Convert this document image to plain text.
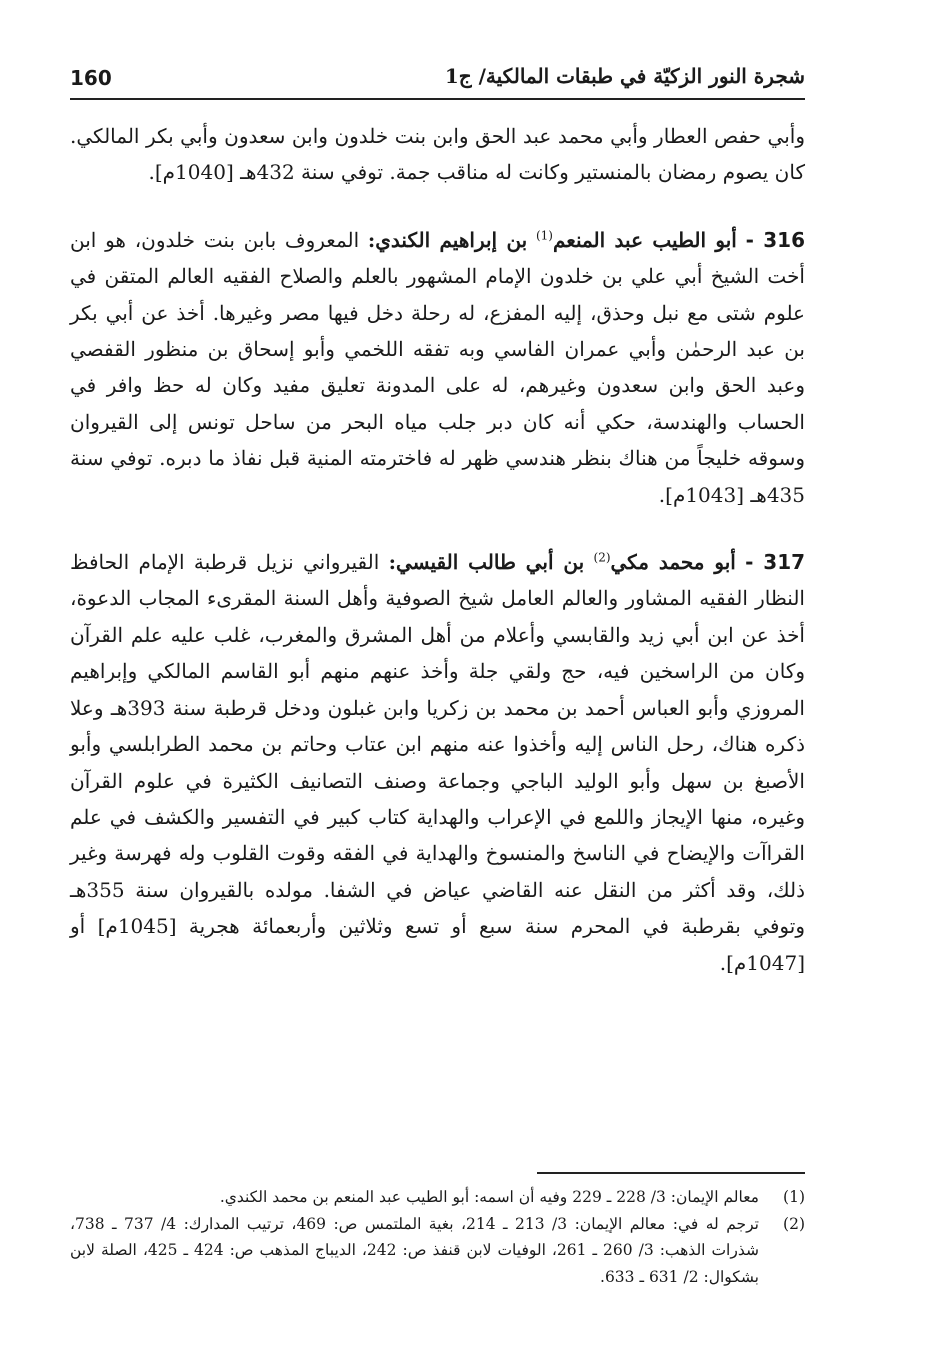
شجرة النور الزكيّة في طبقات المالكية/ ج1
160

وأبي حفص العطار وأبي محمد عبد الحق وابن بنت خلدون وابن سعدون وأبي بكر المالكي. كان يصوم رمضان بالمنستير وكانت له مناقب جمة. توفي سنة 432هـ [1040م].

316 - أبو الطيب عبد المنعم$^{(1)}$ بن إبراهيم الكندي: المعروف بابن بنت خلدون، هو ابن أخت الشيخ أبي علي بن خلدون الإمام المشهور بالعلم والصلاح الفقيه العالم المتقن في علوم شتى مع نبل وحذق، إليه المفزع، له رحلة دخل فيها مصر وغيرها. أخذ عن أبي بكر بن عبد الرحمٰن وأبي عمران الفاسي وبه تفقه اللخمي وأبو إسحاق بن منظور القفصي وعبد الحق وابن سعدون وغيرهم، له على المدونة تعليق مفيد وكان له حظ وافر في الحساب والهندسة، حكي أنه كان دبر جلب مياه البحر من ساحل تونس إلى القيروان وسوقه خليجاً من هناك بنظر هندسي ظهر له فاخترمته المنية قبل نفاذ ما دبره. توفي سنة 435هـ [1043م].

317 - أبو محمد مكي$^{(2)}$ بن أبي طالب القيسي: القيرواني نزيل قرطبة الإمام الحافظ النظار الفقيه المشاور والعالم العامل شيخ الصوفية وأهل السنة المقرىء المجاب الدعوة، أخذ عن ابن أبي زيد والقابسي وأعلام من أهل المشرق والمغرب، غلب عليه علم القرآن وكان من الراسخين فيه، حج ولقي جلة وأخذ عنهم منهم أبو القاسم المالكي وإبراهيم المروزي وأبو العباس أحمد بن محمد بن زكريا وابن غبلون ودخل قرطبة سنة 393هـ وعلا ذكره هناك، رحل الناس إليه وأخذوا عنه منهم ابن عتاب وحاتم بن محمد الطرابلسي وأبو الأصبغ بن سهل وأبو الوليد الباجي وجماعة وصنف التصانيف الكثيرة في علوم القرآن وغيره، منها الإيجاز واللمع في الإعراب والهداية كتاب كبير في التفسير والكشف في علم القراآت والإيضاح في الناسخ والمنسوخ والهداية في الفقه وقوت القلوب وله فهرسة وغير ذلك، وقد أكثر من النقل عنه القاضي عياض في الشفا. مولده بالقيروان سنة 355هـ وتوفي بقرطبة في المحرم سنة سبع أو تسع وثلاثين وأربعمائة هجرية [1045م] أو [1047م].

(1)
معالم الإيمان: 3/ 228 ـ 229 وفيه أن اسمه: أبو الطيب عبد المنعم بن محمد الكندي.
(2)
ترجم له في: معالم الإيمان: 3/ 213 ـ 214، بغية الملتمس ص: 469، ترتيب المدارك: 4/ 737 ـ 738، شذرات الذهب: 3/ 260 ـ 261، الوفيات لابن قنفذ ص: 242، الديباج المذهب ص: 424 ـ 425، الصلة لابن بشكوال: 2/ 631 ـ 633.
